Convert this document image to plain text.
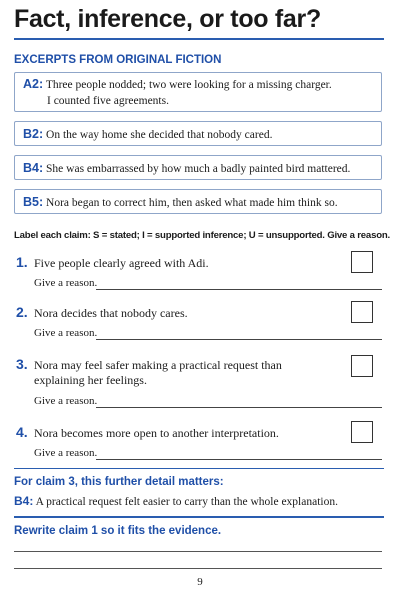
Fact, inference, or too far?
EXCERPTS FROM ORIGINAL FICTION
A2: Three people nodded; two were looking for a missing charger.
I counted five agreements.
B2: On the way home she decided that nobody cared.
B4: She was embarrassed by how much a badly painted bird mattered.
B5: Nora began to correct him, then asked what made him think so.
Label each claim: S = stated; I = supported inference; U = unsupported. Give a reason.
1. Five people clearly agreed with Adi.
Give a reason.
2. Nora decides that nobody cares.
Give a reason.
3. Nora may feel safer making a practical request than explaining her feelings.
Give a reason.
4. Nora becomes more open to another interpretation.
Give a reason.
For claim 3, this further detail matters:
B4: A practical request felt easier to carry than the whole explanation.
Rewrite claim 1 so it fits the evidence.
9
